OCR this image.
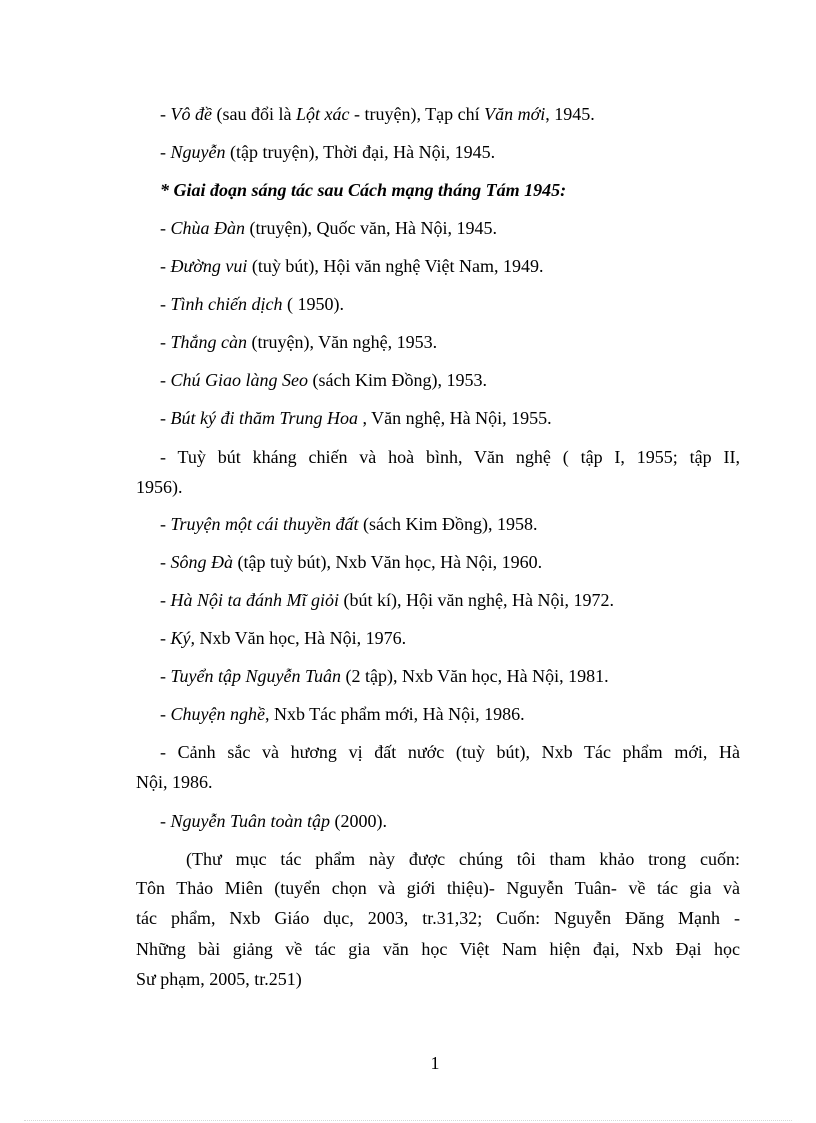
- Vô đề (sau đổi là Lột xác - truyện), Tạp chí Văn mới, 1945.
- Nguyễn (tập truyện), Thời đại, Hà Nội, 1945.
* Giai đoạn sáng tác sau Cách mạng tháng Tám 1945:
- Chùa Đàn (truyện), Quốc văn, Hà Nội, 1945.
- Đường vui (tuỳ bút), Hội văn nghệ Việt Nam, 1949.
- Tình chiến dịch ( 1950).
- Thắng càn (truyện), Văn nghệ, 1953.
- Chú Giao làng Seo (sách Kim Đồng), 1953.
- Bút ký đi thăm Trung Hoa , Văn nghệ, Hà Nội, 1955.
- Tuỳ bút kháng chiến và hoà bình, Văn nghệ ( tập I, 1955; tập II,
1956).
- Truyện một cái thuyền đất (sách Kim Đồng), 1958.
- Sông Đà (tập tuỳ bút), Nxb Văn học, Hà Nội, 1960.
- Hà Nội ta đánh Mĩ giỏi (bút kí), Hội văn nghệ, Hà Nội, 1972.
- Ký, Nxb Văn học, Hà Nội, 1976.
- Tuyển tập Nguyễn Tuân (2 tập), Nxb Văn học, Hà Nội, 1981.
- Chuyện nghề, Nxb Tác phẩm mới, Hà Nội, 1986.
- Cảnh sắc và hương vị đất nước (tuỳ bút), Nxb Tác phẩm mới, Hà
Nội, 1986.
- Nguyễn Tuân toàn tập (2000).
(Thư mục tác phẩm này được chúng tôi tham khảo trong cuốn:
Tôn Thảo Miên (tuyển chọn và giới thiệu)- Nguyễn Tuân- về tác gia và
tác phẩm, Nxb Giáo dục, 2003, tr.31,32; Cuốn: Nguyễn Đăng Mạnh -
Những bài giảng về tác gia văn học Việt Nam hiện đại, Nxb Đại học
Sư phạm, 2005, tr.251)
1
